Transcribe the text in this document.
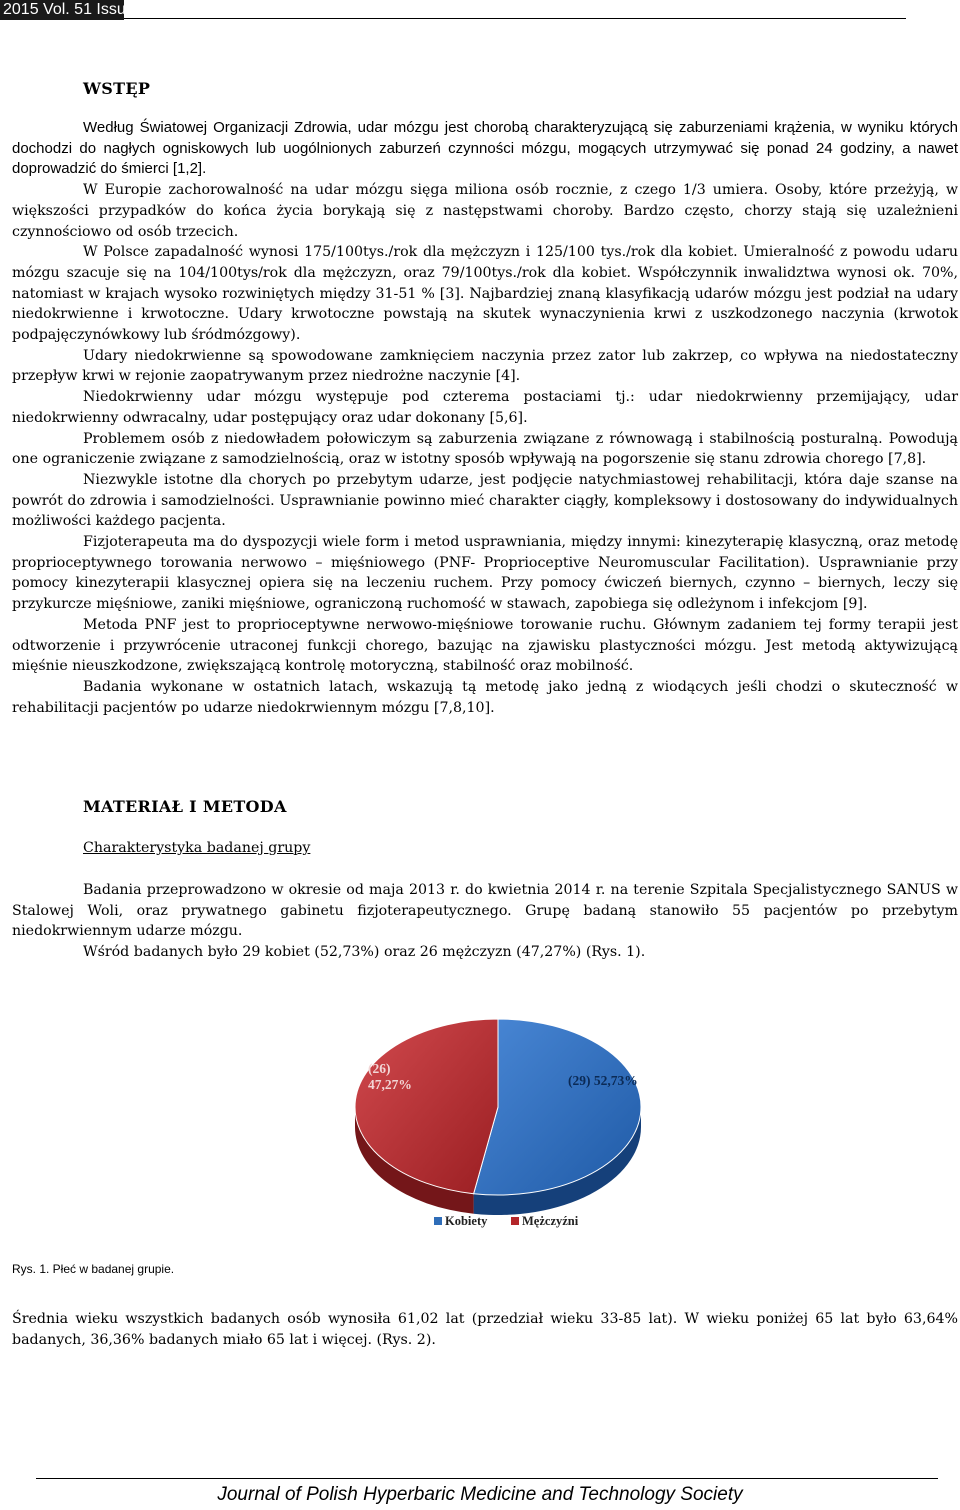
2015 Vol. 51 Issue 2
WSTĘP

Według Światowej Organizacji Zdrowia, udar mózgu jest chorobą charakteryzującą się zaburzeniami krążenia, w wyniku których dochodzi do nagłych ogniskowych lub uogólnionych zaburzeń czynności mózgu, mogących utrzymywać się ponad 24 godziny, a nawet doprowadzić do śmierci [1,2].

W Europie zachorowalność na udar mózgu sięga miliona osób rocznie, z czego 1/3 umiera. Osoby, które przeżyją, w większości przypadków do końca życia borykają się z następstwami choroby. Bardzo często, chorzy stają się uzależnieni czynnościowo od osób trzecich.

W Polsce zapadalność wynosi 175/100tys./rok dla mężczyzn i 125/100 tys./rok dla kobiet. Umieralność z powodu udaru mózgu szacuje się na 104/100tys/rok dla mężczyzn, oraz 79/100tys./rok dla kobiet. Współczynnik inwalidztwa wynosi ok. 70%, natomiast w krajach wysoko rozwiniętych między 31-51 % [3]. Najbardziej znaną klasyfikacją udarów mózgu jest podział na udary niedokrwienne i krwotoczne. Udary krwotoczne powstają na skutek wynaczynienia krwi z uszkodzonego naczynia (krwotok podpajęczynówkowy lub śródmózgowy).

Udary niedokrwienne są spowodowane zamknięciem naczynia przez zator lub zakrzep, co wpływa na niedostateczny przepływ krwi w rejonie zaopatrywanym przez niedrożne naczynie [4].

Niedokrwienny udar mózgu występuje pod czterema postaciami tj.: udar niedokrwienny przemijający, udar niedokrwienny odwracalny, udar postępujący oraz udar dokonany [5,6].

Problemem osób z niedowładem połowiczym są zaburzenia związane z równowagą i stabilnością posturalną. Powodują one ograniczenie związane z samodzielnością, oraz w istotny sposób wpływają na pogorszenie się stanu zdrowia chorego [7,8].

Niezwykle istotne dla chorych po przebytym udarze, jest podjęcie natychmiastowej rehabilitacji, która daje szanse na powrót do zdrowia i samodzielności. Usprawnianie powinno mieć charakter ciągły, kompleksowy i dostosowany do indywidualnych możliwości każdego pacjenta.

Fizjoterapeuta ma do dyspozycji wiele form i metod usprawniania, między innymi: kinezyterapię klasyczną, oraz metodę proprioceptywnego torowania nerwowo – mięśniowego (PNF- Proprioceptive Neuromuscular Facilitation). Usprawnianie przy pomocy kinezyterapii klasycznej opiera się na leczeniu ruchem. Przy pomocy ćwiczeń biernych, czynno – biernych, leczy się przykurcze mięśniowe, zaniki mięśniowe, ograniczoną ruchomość w stawach, zapobiega się odleżynom i infekcjom [9].

Metoda PNF jest to proprioceptywne nerwowo-mięśniowe torowanie ruchu. Głównym zadaniem tej formy terapii jest odtworzenie i przywrócenie utraconej funkcji chorego, bazując na zjawisku plastyczności mózgu. Jest metodą aktywizującą mięśnie nieuszkodzone, zwiększającą kontrolę motoryczną, stabilność oraz mobilność.

Badania wykonane w ostatnich latach, wskazują tą metodę jako jedną z wiodących jeśli chodzi o skuteczność w rehabilitacji pacjentów po udarze niedokrwiennym mózgu [7,8,10].

MATERIAŁ I METODA

Charakterystyka badanej grupy

Badania przeprowadzono w okresie od maja 2013 r. do kwietnia 2014 r. na terenie Szpitala Specjalistycznego SANUS w Stalowej Woli, oraz prywatnego gabinetu fizjoterapeutycznego. Grupę badaną stanowiło 55 pacjentów po przebytym niedokrwiennym udarze mózgu.

Wśród badanych było 29 kobiet (52,73%) oraz 26 mężczyzn (47,27%) (Rys. 1).

(29) 52,73%
(26) 47,27%
Kobiety	Mężczyźni

Rys. 1. Płeć w badanej grupie.

Średnia wieku wszystkich badanych osób wynosiła 61,02 lat (przedział wieku 33-85 lat). W wieku poniżej 65 lat było 63,64% badanych, 36,36% badanych miało 65 lat i więcej. (Rys. 2).

Journal of Polish Hyperbaric Medicine and Technology Society
